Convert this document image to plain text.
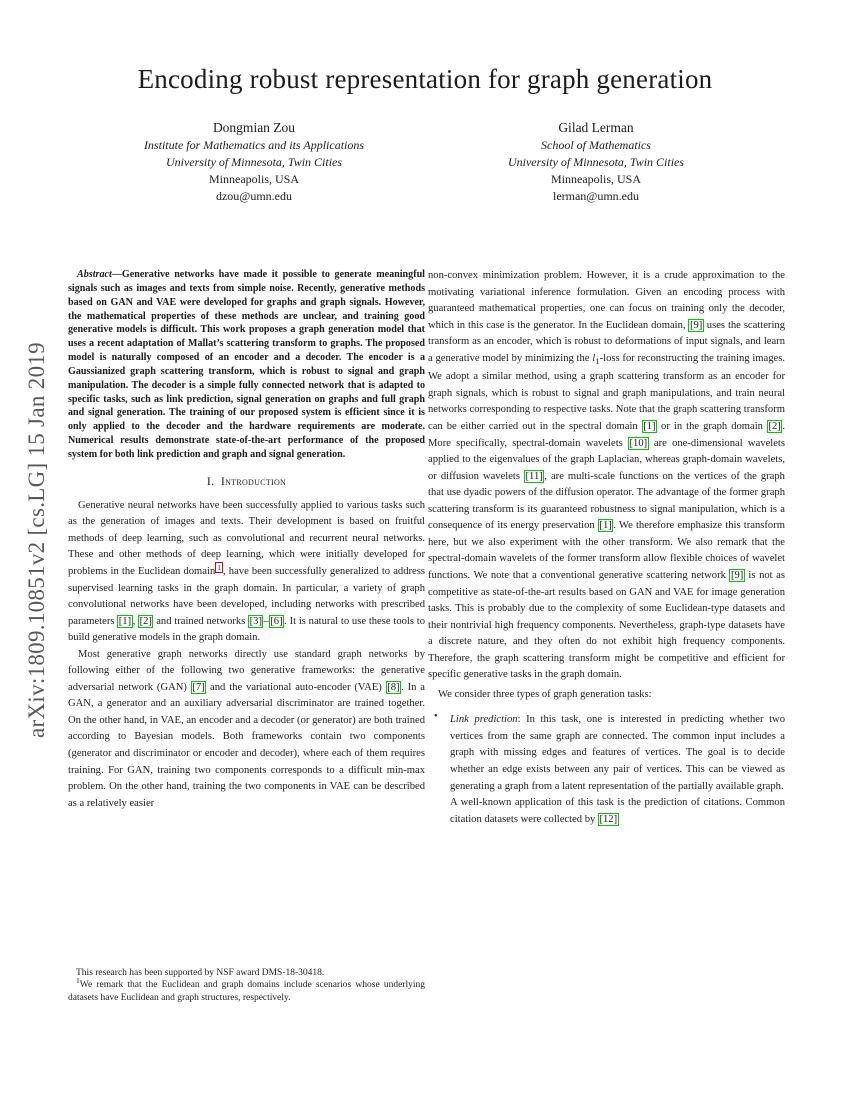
arXiv:1809.10851v2 [cs.LG] 15 Jan 2019
Encoding robust representation for graph generation
Dongmian Zou
Institute for Mathematics and its Applications
University of Minnesota, Twin Cities
Minneapolis, USA
dzou@umn.edu
Gilad Lerman
School of Mathematics
University of Minnesota, Twin Cities
Minneapolis, USA
lerman@umn.edu

Abstract—Generative networks have made it possible to generate meaningful signals such as images and texts from simple noise. Recently, generative methods based on GAN and VAE were developed for graphs and graph signals. However, the mathematical properties of these methods are unclear, and training good generative models is difficult. This work proposes a graph generation model that uses a recent adaptation of Mallat’s scattering transform to graphs. The proposed model is naturally composed of an encoder and a decoder. The encoder is a Gaussianized graph scattering transform, which is robust to signal and graph manipulation. The decoder is a simple fully connected network that is adapted to specific tasks, such as link prediction, signal generation on graphs and full graph and signal generation. The training of our proposed system is efficient since it is only applied to the decoder and the hardware requirements are moderate. Numerical results demonstrate state-of-the-art performance of the proposed system for both link prediction and graph and signal generation.

I.  Introduction

Generative neural networks have been successfully applied to various tasks such as the generation of images and texts. Their development is based on fruitful methods of deep learning, such as convolutional and recurrent neural networks. These and other methods of deep learning, which were initially developed for problems in the Euclidean domain $^1$ , have been successfully generalized to address supervised learning tasks in the graph domain. In particular, a variety of graph convolutional networks have been developed, including networks with prescribed parameters [1] , [2] and trained networks [3] – [6] . It is natural to use these tools to build generative models in the graph domain.

Most generative graph networks directly use standard graph networks by following either of the following two generative frameworks: the generative adversarial network (GAN) [7] and the variational auto-encoder (VAE) [8] . In a GAN, a generator and an auxiliary adversarial discriminator are trained together. On the other hand, in VAE, an encoder and a decoder (or generator) are both trained according to Bayesian models. Both frameworks contain two components (generator and discriminator or encoder and decoder), where each of them requires training. For GAN, training two components corresponds to a difficult min-max problem. On the other hand, training the two components in VAE can be described as a relatively easier

This research has been supported by NSF award DMS-18-30418.

$^1$We remark that the Euclidean and graph domains include scenarios whose underlying datasets have Euclidean and graph structures, respectively.

non-convex minimization problem. However, it is a crude approximation to the motivating variational inference formulation. Given an encoding process with guaranteed mathematical properties, one can focus on training only the decoder, which in this case is the generator. In the Euclidean domain, [9] uses the scattering transform as an encoder, which is robust to deformations of input signals, and learn a generative model by minimizing the $l_1$-loss for reconstructing the training images. We adopt a similar method, using a graph scattering transform as an encoder for graph signals, which is robust to signal and graph manipulations, and train neural networks corresponding to respective tasks. Note that the graph scattering transform can be either carried out in the spectral domain [1] or in the graph domain [2] . More specifically, spectral-domain wavelets [10] are one-dimensional wavelets applied to the eigenvalues of the graph Laplacian, whereas graph-domain wavelets, or diffusion wavelets [11] , are multi-scale functions on the vertices of the graph that use dyadic powers of the diffusion operator. The advantage of the former graph scattering transform is its guaranteed robustness to signal manipulation, which is a consequence of its energy preservation [1] . We therefore emphasize this transform here, but we also experiment with the other transform. We also remark that the spectral-domain wavelets of the former transform allow flexible choices of wavelet functions. We note that a conventional generative scattering network [9] is not as competitive as state-of-the-art results based on GAN and VAE for image generation tasks. This is probably due to the complexity of some Euclidean-type datasets and their nontrivial high frequency components. Nevertheless, graph-type datasets have a discrete nature, and they often do not exhibit high frequency components. Therefore, the graph scattering transform might be competitive and efficient for specific generative tasks in the graph domain.

We consider three types of graph generation tasks:

• Link prediction: In this task, one is interested in predicting whether two vertices from the same graph are connected. The common input includes a graph with missing edges and features of vertices. The goal is to decide whether an edge exists between any pair of vertices. This can be viewed as generating a graph from a latent representation of the partially available graph.

A well-known application of this task is the prediction of citations. Common citation datasets were collected by [12]
